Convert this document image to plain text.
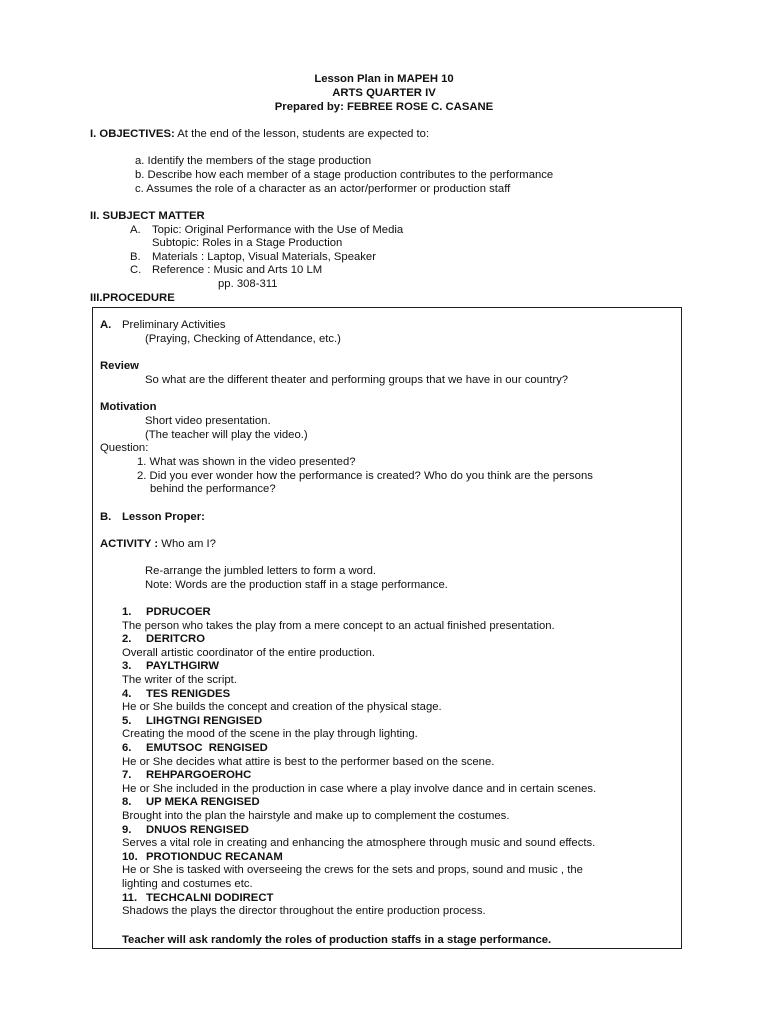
Lesson Plan in MAPEH 10
ARTS QUARTER IV
Prepared by: FEBREE ROSE C. CASANE
I. OBJECTIVES: At the end of the lesson, students are expected to:
a. Identify the members of the stage production
b. Describe how each member of a stage production contributes to the performance
c. Assumes the role of a character as an actor/performer or production staff
II. SUBJECT MATTER
A. Topic: Original Performance with the Use of Media
Subtopic: Roles in a Stage Production
B. Materials : Laptop, Visual Materials, Speaker
C. Reference : Music and Arts 10 LM
pp. 308-311
III.PROCEDURE
A. Preliminary Activities
(Praying, Checking of Attendance, etc.)
Review
So what are the different theater and performing groups that we have in our country?
Motivation
Short video presentation.
(The teacher will play the video.)
Question:
1. What was shown in the video presented?
2. Did you ever wonder how the performance is created? Who do you think are the persons
behind the performance?
B. Lesson Proper:
ACTIVITY : Who am I?
Re-arrange the jumbled letters to form a word.
Note: Words are the production staff in a stage performance.
1. PDRUCOER
The person who takes the play from a mere concept to an actual finished presentation.
2. DERITCRO
Overall artistic coordinator of the entire production.
3. PAYLTHGIRW
The writer of the script.
4. TES RENIGDES
He or She builds the concept and creation of the physical stage.
5. LIHGTNGI RENGISED
Creating the mood of the scene in the play through lighting.
6. EMUTSOC  RENGISED
He or She decides what attire is best to the performer based on the scene.
7. REHPARGOEROHC
He or She included in the production in case where a play involve dance and in certain scenes.
8. UP MEKA RENGISED
Brought into the plan the hairstyle and make up to complement the costumes.
9. DNUOS RENGISED
Serves a vital role in creating and enhancing the atmosphere through music and sound effects.
10. PROTIONDUC RECANAM
He or She is tasked with overseeing the crews for the sets and props, sound and music , the
lighting and costumes etc.
11. TECHCALNI DODIRECT
Shadows the plays the director throughout the entire production process.
Teacher will ask randomly the roles of production staffs in a stage performance.
